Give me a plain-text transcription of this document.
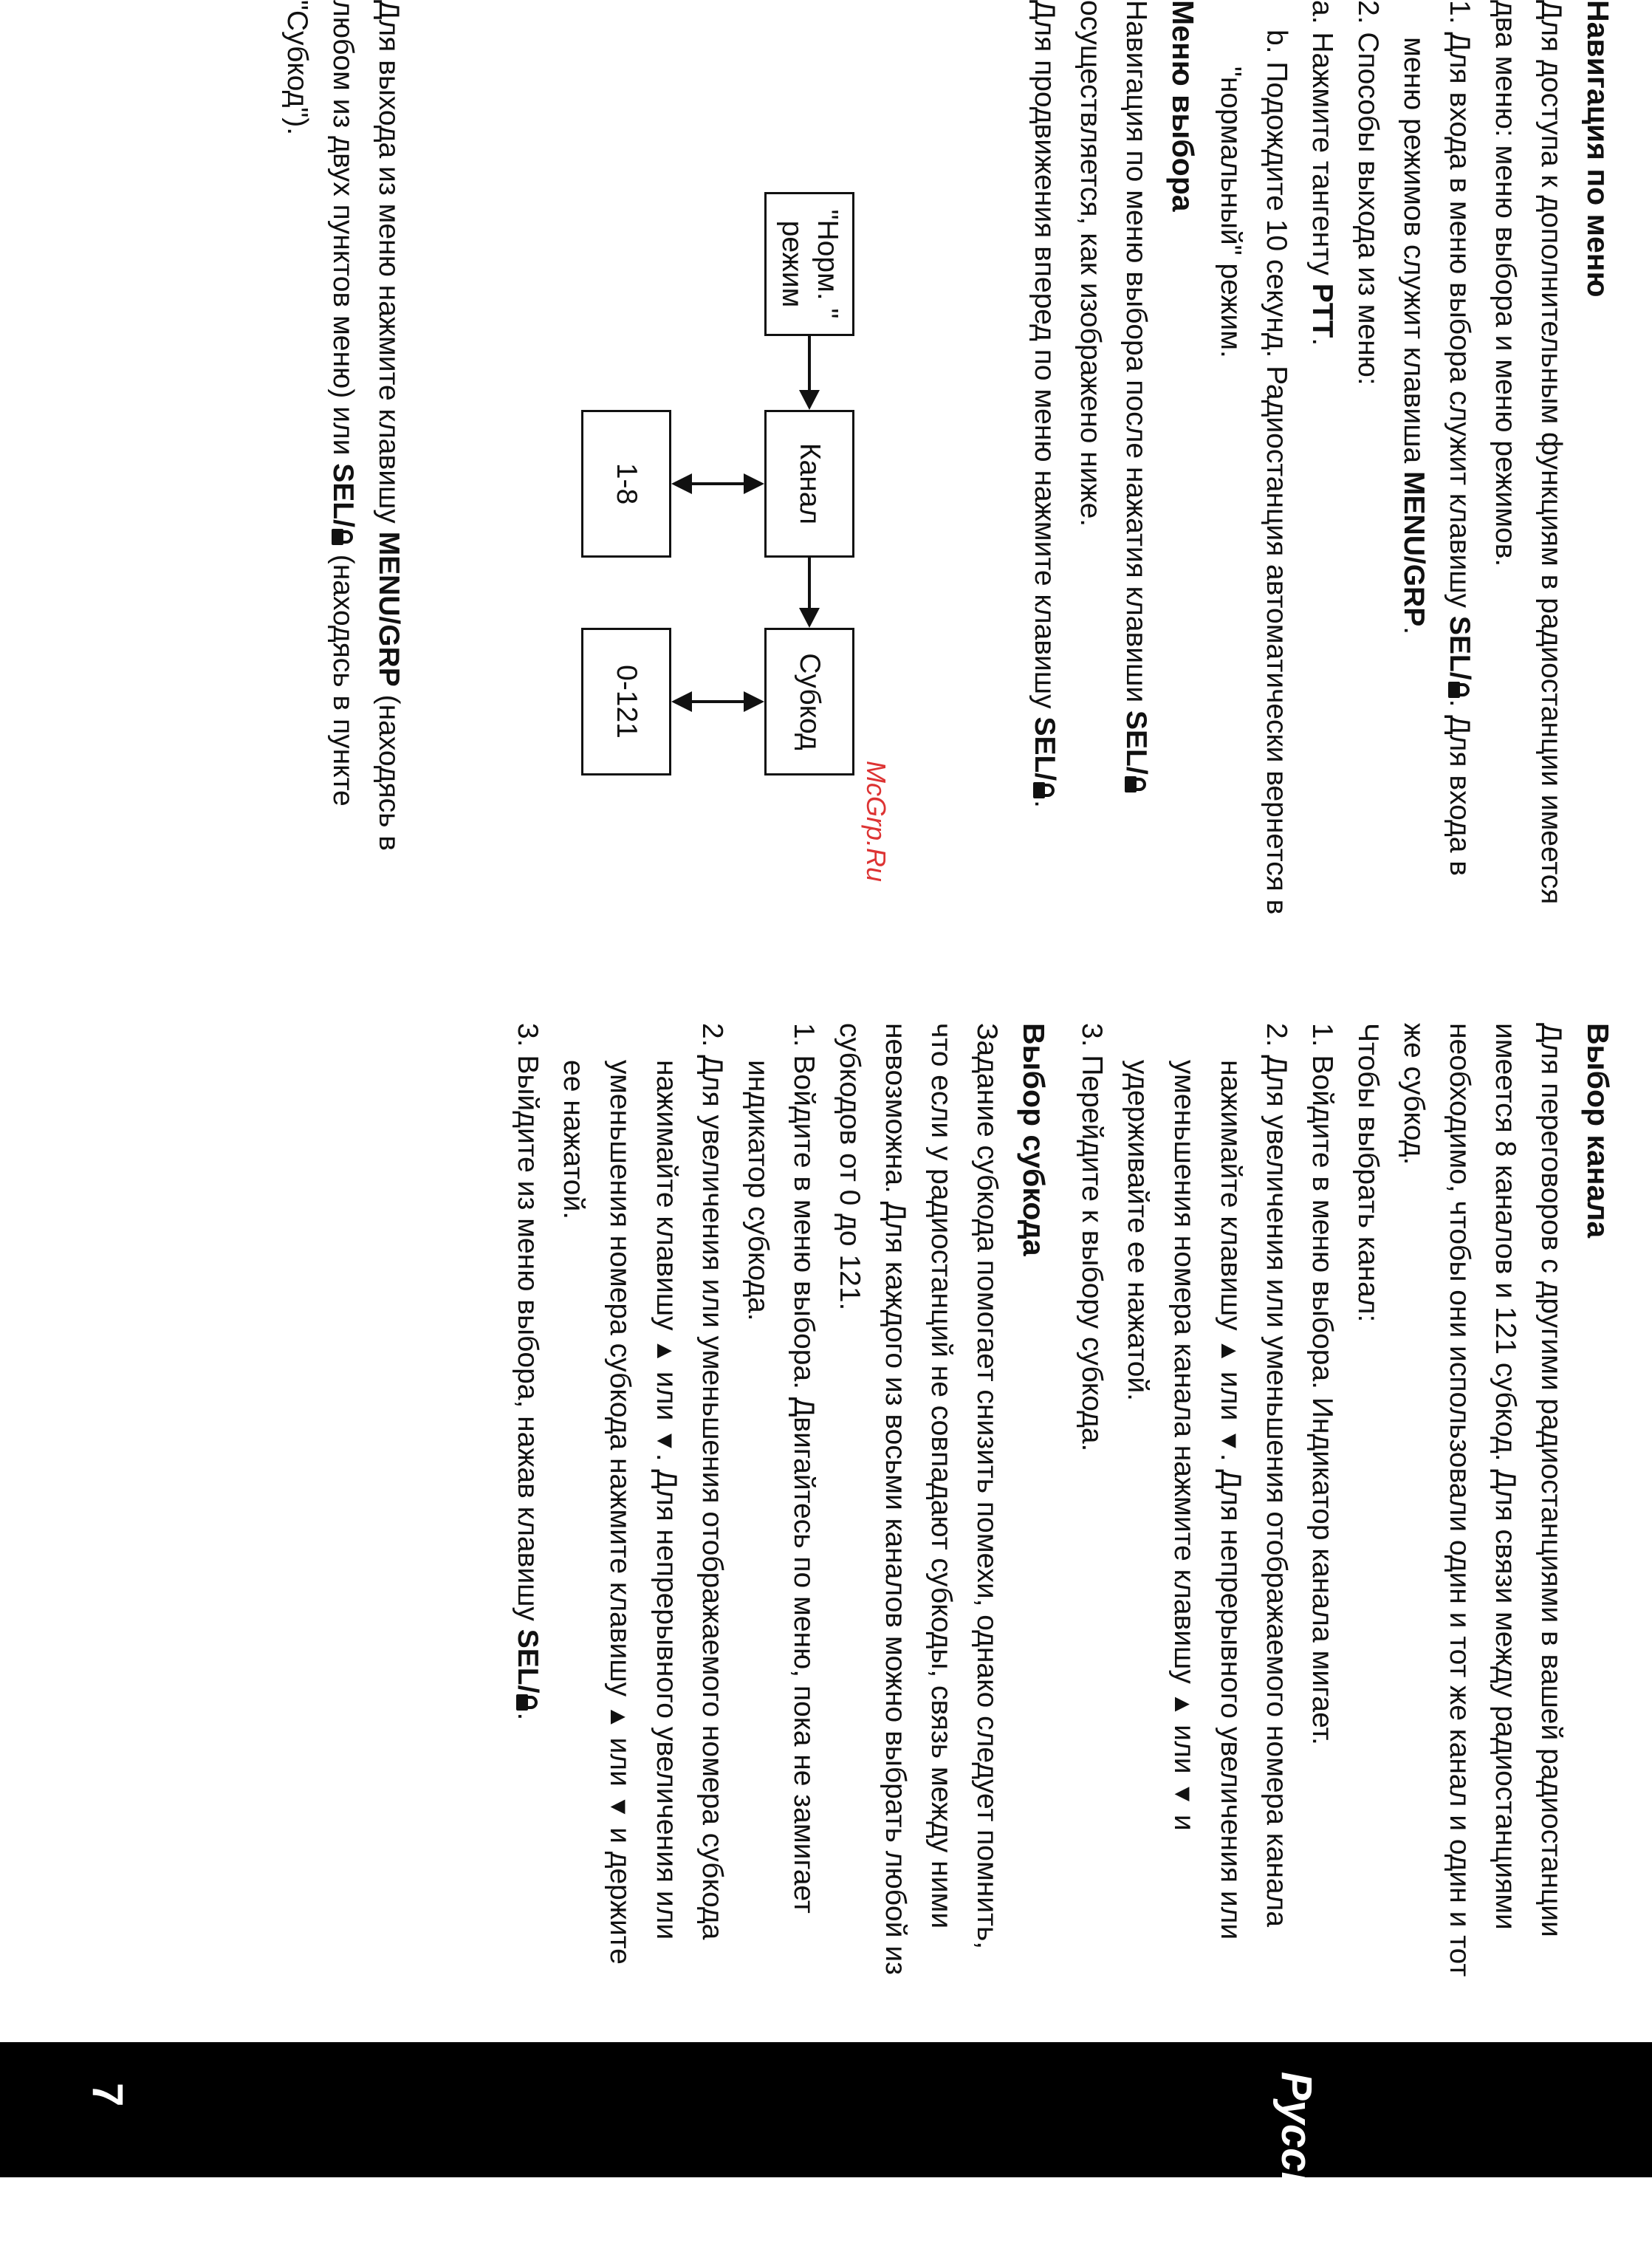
Русский
7
Навигация по меню

Для доступа к дополнительным функциям в радиостанции имеется два меню: меню выбора и меню режимов.

1. Для входа в меню выбора служит клавишу SEL/. Для входа в меню режимов служит клавиша MENU/GRP.

2. Способы выхода из меню:

a. Нажмите тангенту PTT.

b. Подождите 10 секунд. Радиостанция автоматически вернется в "нормальный" режим.

Меню выбора

Навигация по меню выбора после нажатия клавиши SEL/ осуществляется, как изображено ниже.

Для продвижения вперед по меню нажмите клавишу SEL/.

"Норм. " режим
Канал
Субкод
1-8
0-121

Для выхода из меню нажмите клавишу MENU/GRP (находясь в любом из двух пунктов меню) или SEL/ (находясь в пункте "Субкод").

Выбор канала

Для переговоров с другими радиостанциями в вашей радиостанции имеется 8 каналов и 121 субкод. Для связи между радиостанциями необходимо, чтобы они использовали один и тот же канал и один и тот же субкод.

Чтобы выбрать канал:

1. Войдите в меню выбора. Индикатор канала мигает.

2. Для увеличения или уменьшения отображаемого номера канала нажимайте клавишу ▲ или ▼. Для непрерывного увеличения или уменьшения номера канала нажмите клавишу ▲ или ▼ и удерживайте ее нажатой.

3. Перейдите к выбору субкода.

Выбор субкода

Задание субкода помогает снизить помехи, однако следует помнить, что если у радиостанций не совпадают субкоды, связь между ними невозможна. Для каждого из восьми каналов можно выбрать любой из субкодов от 0 до 121.

1. Войдите в меню выбора. Двигайтесь по меню, пока не замигает индикатор субкода.

2. Для увеличения или уменьшения отображаемого номера субкода нажимайте клавишу ▲ или ▼. Для непрерывного увеличения или уменьшения номера субкода нажмите клавишу ▲ или ▼ и держите ее нажатой.

3. Выйдите из меню выбора, нажав клавишу SEL/.

McGrp.Ru
